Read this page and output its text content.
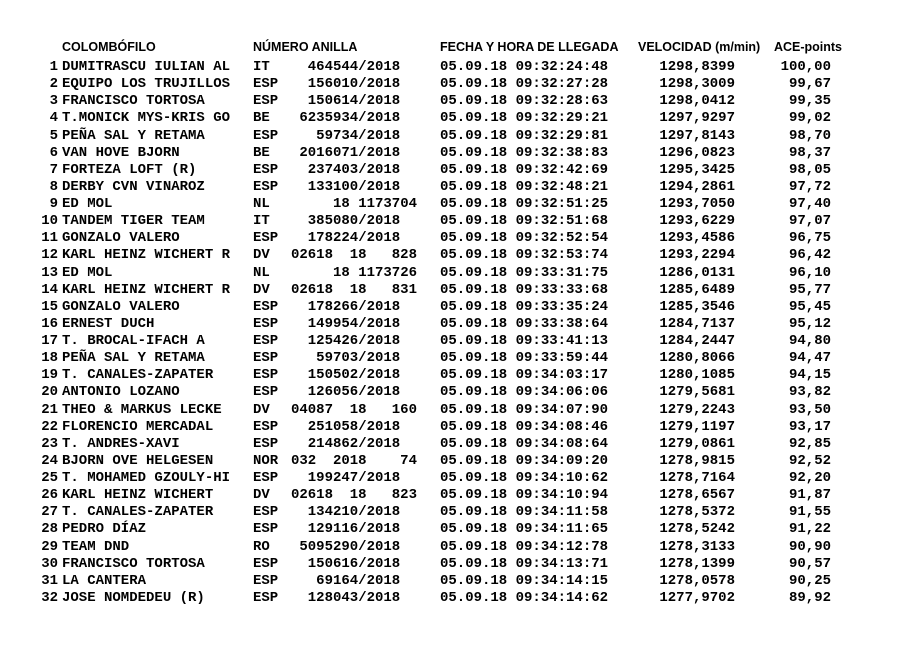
COLOMBÓFILO	NÚMERO ANILLA	FECHA Y HORA DE LLEGADA	VELOCIDAD (m/min)	ACE-points
1 DUMITRASCU IULIAN AL	IT	464544/2018	05.09.18 09:32:24:48	1298,8399	100,00
2 EQUIPO LOS TRUJILLOS	ESP	156010/2018	05.09.18 09:32:27:28	1298,3009	99,67
3 FRANCISCO TORTOSA	ESP	150614/2018	05.09.18 09:32:28:63	1298,0412	99,35
4 T.MONICK MYS-KRIS GO	BE	6235934/2018	05.09.18 09:32:29:21	1297,9297	99,02
5 PEÑA SAL Y RETAMA	ESP	59734/2018	05.09.18 09:32:29:81	1297,8143	98,70
6 VAN HOVE BJORN	BE	2016071/2018	05.09.18 09:32:38:83	1296,0823	98,37
7 FORTEZA LOFT (R)	ESP	237403/2018	05.09.18 09:32:42:69	1295,3425	98,05
8 DERBY CVN VINAROZ	ESP	133100/2018	05.09.18 09:32:48:21	1294,2861	97,72
9 ED MOL	NL	18 1173704	05.09.18 09:32:51:25	1293,7050	97,40
10 TANDEM TIGER TEAM	IT	385080/2018	05.09.18 09:32:51:68	1293,6229	97,07
11 GONZALO VALERO	ESP	178224/2018	05.09.18 09:32:52:54	1293,4586	96,75
12 KARL HEINZ WICHERT R	DV	02618  18   828	05.09.18 09:32:53:74	1293,2294	96,42
13 ED MOL	NL	18 1173726	05.09.18 09:33:31:75	1286,0131	96,10
14 KARL HEINZ WICHERT R	DV	02618  18   831	05.09.18 09:33:33:68	1285,6489	95,77
15 GONZALO VALERO	ESP	178266/2018	05.09.18 09:33:35:24	1285,3546	95,45
16 ERNEST DUCH	ESP	149954/2018	05.09.18 09:33:38:64	1284,7137	95,12
17 T. BROCAL-IFACH A	ESP	125426/2018	05.09.18 09:33:41:13	1284,2447	94,80
18 PEÑA SAL Y RETAMA	ESP	59703/2018	05.09.18 09:33:59:44	1280,8066	94,47
19 T. CANALES-ZAPATER	ESP	150502/2018	05.09.18 09:34:03:17	1280,1085	94,15
20 ANTONIO LOZANO	ESP	126056/2018	05.09.18 09:34:06:06	1279,5681	93,82
21 THEO & MARKUS LECKE	DV	04087  18   160	05.09.18 09:34:07:90	1279,2243	93,50
22 FLORENCIO MERCADAL	ESP	251058/2018	05.09.18 09:34:08:46	1279,1197	93,17
23 T. ANDRES-XAVI	ESP	214862/2018	05.09.18 09:34:08:64	1279,0861	92,85
24 BJORN OVE HELGESEN	NOR 032  2018    74	05.09.18 09:34:09:20	1278,9815	92,52
25 T. MOHAMED GZOULY-HI	ESP	199247/2018	05.09.18 09:34:10:62	1278,7164	92,20
26 KARL HEINZ WICHERT	DV	02618  18   823	05.09.18 09:34:10:94	1278,6567	91,87
27 T. CANALES-ZAPATER	ESP	134210/2018	05.09.18 09:34:11:58	1278,5372	91,55
28 PEDRO DÍAZ	ESP	129116/2018	05.09.18 09:34:11:65	1278,5242	91,22
29 TEAM DND	RO	5095290/2018	05.09.18 09:34:12:78	1278,3133	90,90
30 FRANCISCO TORTOSA	ESP	150616/2018	05.09.18 09:34:13:71	1278,1399	90,57
31 LA CANTERA	ESP	69164/2018	05.09.18 09:34:14:15	1278,0578	90,25
32 JOSE NOMDEDEU (R)	ESP	128043/2018	05.09.18 09:34:14:62	1277,9702	89,92
